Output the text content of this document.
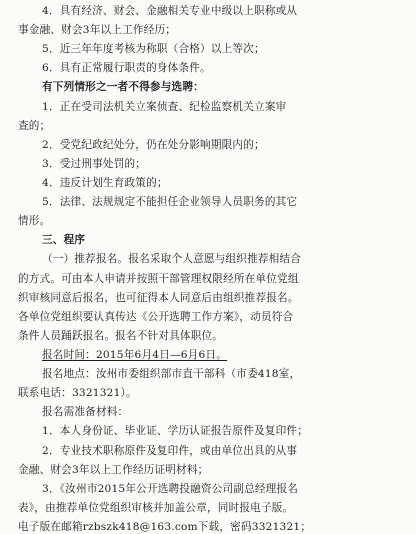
4．具有经济、财会、金融相关专业中级以上职称或从
事金融、财会3年以上工作经历；
5．近三年年度考核为称职（合格）以上等次；
6．具有正常履行职责的身体条件。
有下列情形之一者不得参与选聘：
1．正在受司法机关立案侦查、纪检监察机关立案审
查的；
2．受党纪政纪处分，仍在处分影响期限内的；
3．受过刑事处罚的；
4．违反计划生育政策的；
5．法律、法规规定不能担任企业领导人员职务的其它
情形。
三、程序
（一）推荐报名。报名采取个人意愿与组织推荐相结合
的方式。可由本人申请并按照干部管理权限经所在单位党组
织审核同意后报名，也可征得本人同意后由组织推荐报名。
各单位党组织要认真传达《公开选聘工作方案》，动员符合
条件人员踊跃报名。报名不针对具体职位。
报名时间：2015年6月4日—6月6日。
报名地点：汝州市委组织部市直干部科（市委418室，
联系电话：3321321）。
报名需准备材料：
1．本人身份证、毕业证、学历认证报告原件及复印件；
2．专业技术职称原件及复印件，或由单位出具的从事
金融、财会3年以上工作经历证明材料；
3．《汝州市2015年公开选聘投融资公司副总经理报名
表》，由推荐单位党组织审核并加盖公章，同时报电子版。
电子版在邮箱rzbszk418@163.com下载，密码3321321；
